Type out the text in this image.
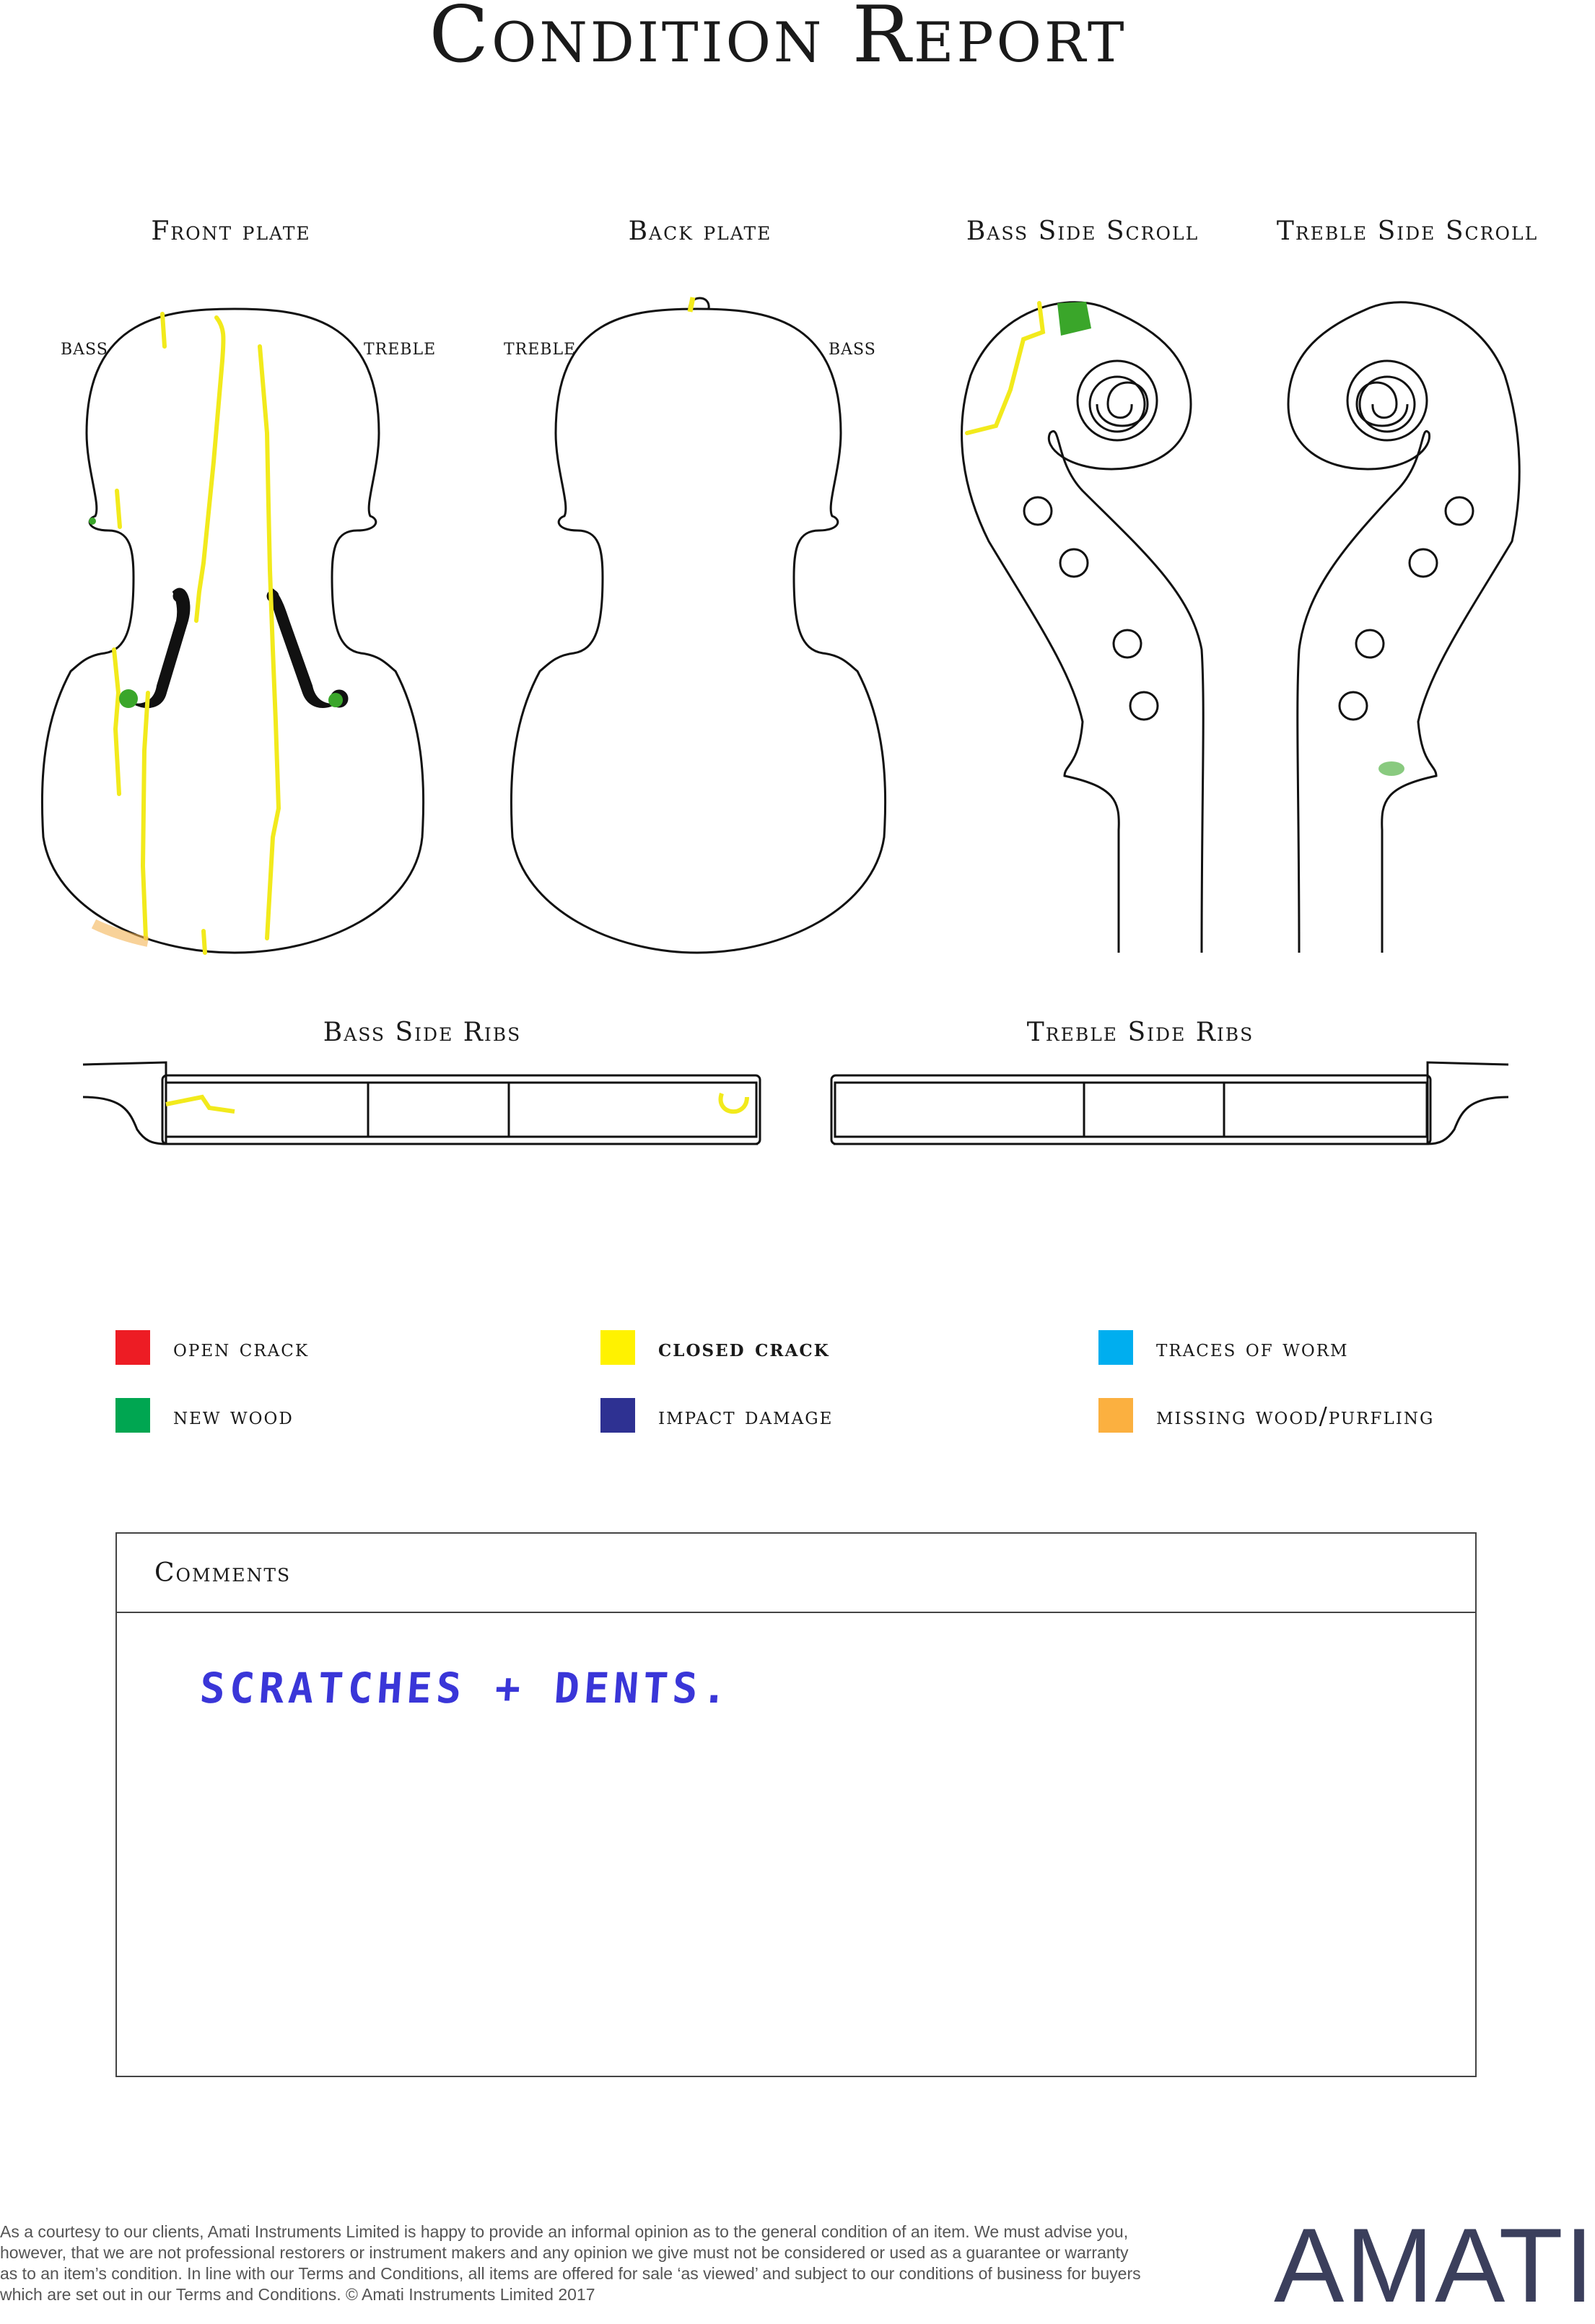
Condition Report
Front plate	Back plate	Bass Side Scroll	Treble Side Scroll
Bass Side Ribs	Treble Side Ribs
BASS	TREBLE	TREBLE	BASS
open crack	closed crack	traces of worm
new wood	impact damage	missing wood/purfling
Comments
SCRATCHES + DENTS.
As a courtesy to our clients, Amati Instruments Limited is happy to provide an informal opinion as to the general condition of an item. We must advise you, however, that we are not professional restorers or instrument makers and any opinion we give must not be considered or used as a guarantee or warranty as to an item’s condition. In line with our Terms and Conditions, all items are offered for sale ‘as viewed’ and subject to our conditions of business for buyers which are set out in our Terms and Conditions. © Amati Instruments Limited 2017	AMATI
